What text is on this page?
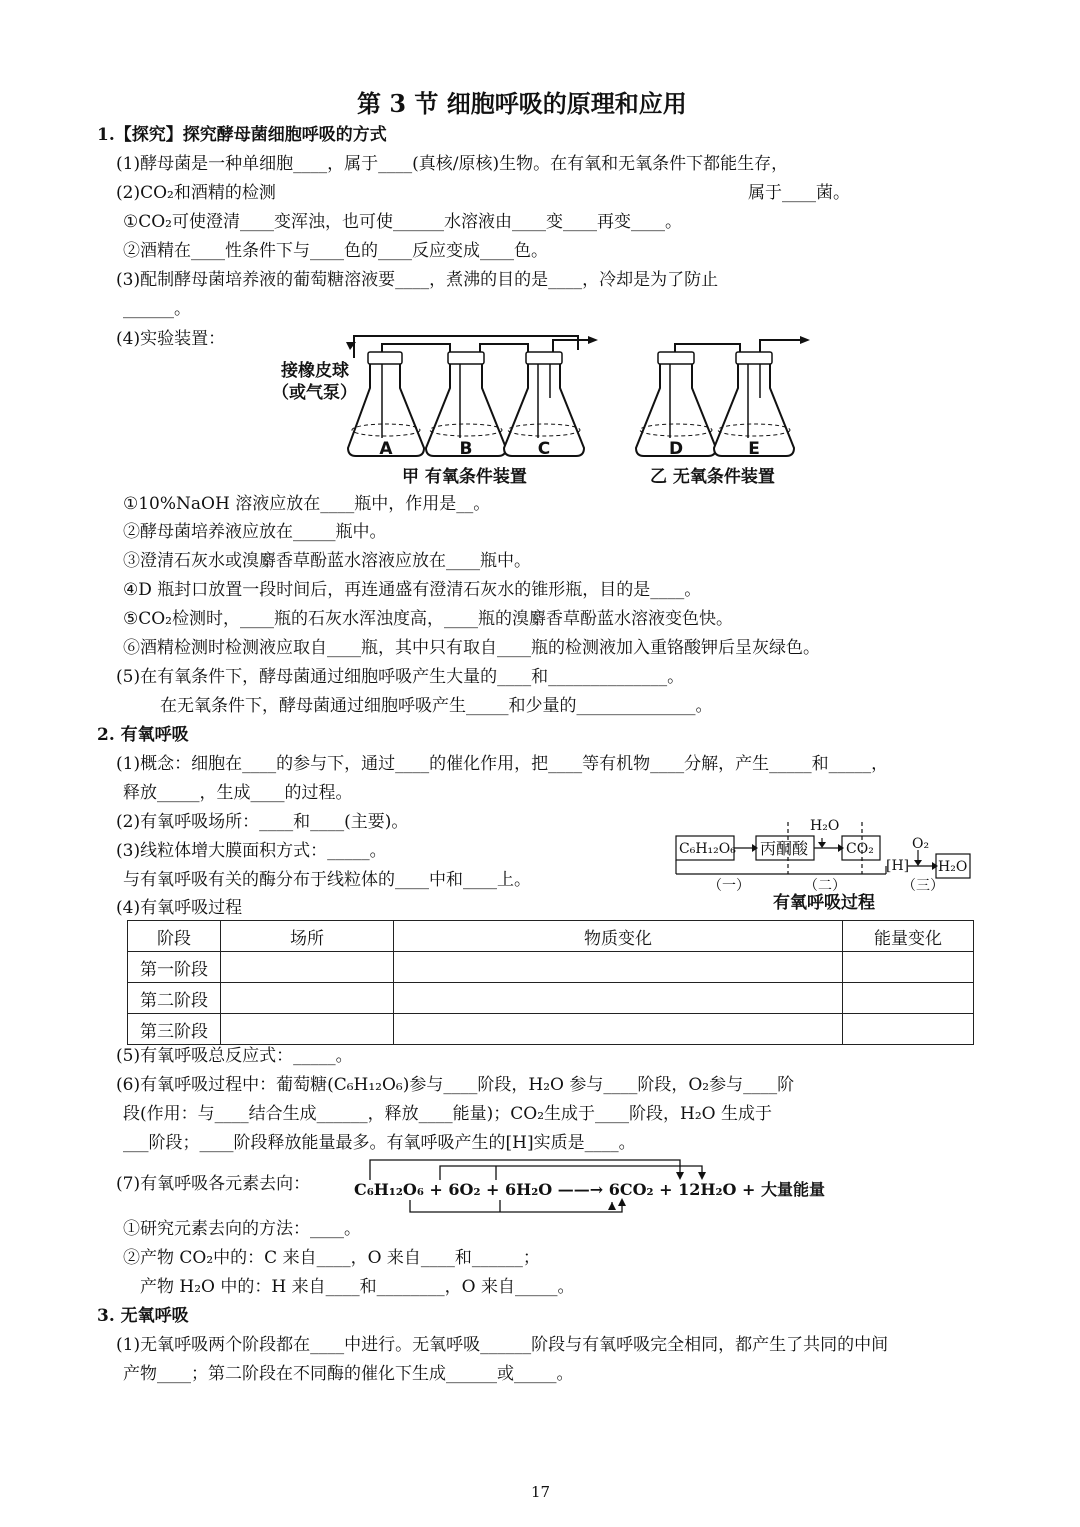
第 3 节 细胞呼吸的原理和应用
1.【探究】探究酵母菌细胞呼吸的方式
(1)酵母菌是一种单细胞____，属于____(真核/原核)生物。在有氧和无氧条件下都能生存，
(2)CO₂和酒精的检测	属于____菌。
①CO₂可使澄清____变浑浊，也可使______水溶液由____变____再变____。
②酒精在____性条件下与____色的____反应变成____色。
(3)配制酵母菌培养液的葡萄糖溶液要____，煮沸的目的是____，冷却是为了防止
______。
(4)实验装置：
A	B	C	D	E
接橡皮球
（或气泵）
甲 有氧条件装置	乙 无氧条件装置
①10%NaOH 溶液应放在____瓶中，作用是__。
②酵母菌培养液应放在_____瓶中。
③澄清石灰水或溴麝香草酚蓝水溶液应放在____瓶中。
④D 瓶封口放置一段时间后，再连通盛有澄清石灰水的锥形瓶，目的是____。
⑤CO₂检测时，____瓶的石灰水浑浊度高，____瓶的溴麝香草酚蓝水溶液变色快。
⑥酒精检测时检测液应取自____瓶，其中只有取自____瓶的检测液加入重铬酸钾后呈灰绿色。
(5)在有氧条件下，酵母菌通过细胞呼吸产生大量的____和______________。
在无氧条件下，酵母菌通过细胞呼吸产生_____和少量的______________。
2. 有氧呼吸
(1)概念：细胞在____的参与下，通过____的催化作用，把____等有机物____分解，产生_____和_____，
释放_____，生成____的过程。
(2)有氧呼吸场所：____和____(主要)。
(3)线粒体增大膜面积方式：_____。
与有氧呼吸有关的酶分布于线粒体的____中和____上。
(4)有氧呼吸过程
C₆H₁₂O₆ 丙酮酸	CO₂
H₂O
O₂
[H] H₂O
（一）	（二）	（三）
有氧呼吸过程
阶段	场所	物质变化	能量变化
第一阶段			
第二阶段			
第三阶段			
(5)有氧呼吸总反应式：_____。
(6)有氧呼吸过程中：葡萄糖(C₆H₁₂O₆)参与____阶段，H₂O 参与____阶段，O₂参与____阶
段(作用：与____结合生成______，释放____能量)；CO₂生成于____阶段，H₂O 生成于
___阶段；____阶段释放能量最多。有氧呼吸产生的[H]实质是____。
(7)有氧呼吸各元素去向：	C₆H₁₂O₆ + 6O₂ + 6H₂O ——→ 6CO₂ + 12H₂O + 大量能量
①研究元素去向的方法：____。
②产物 CO₂中的：C 来自____，O 来自____和______；
产物 H₂O 中的：H 来自____和________，O 来自_____。
3. 无氧呼吸
(1)无氧呼吸两个阶段都在____中进行。无氧呼吸______阶段与有氧呼吸完全相同，都产生了共同的中间
产物____；第二阶段在不同酶的催化下生成______或_____。
17
